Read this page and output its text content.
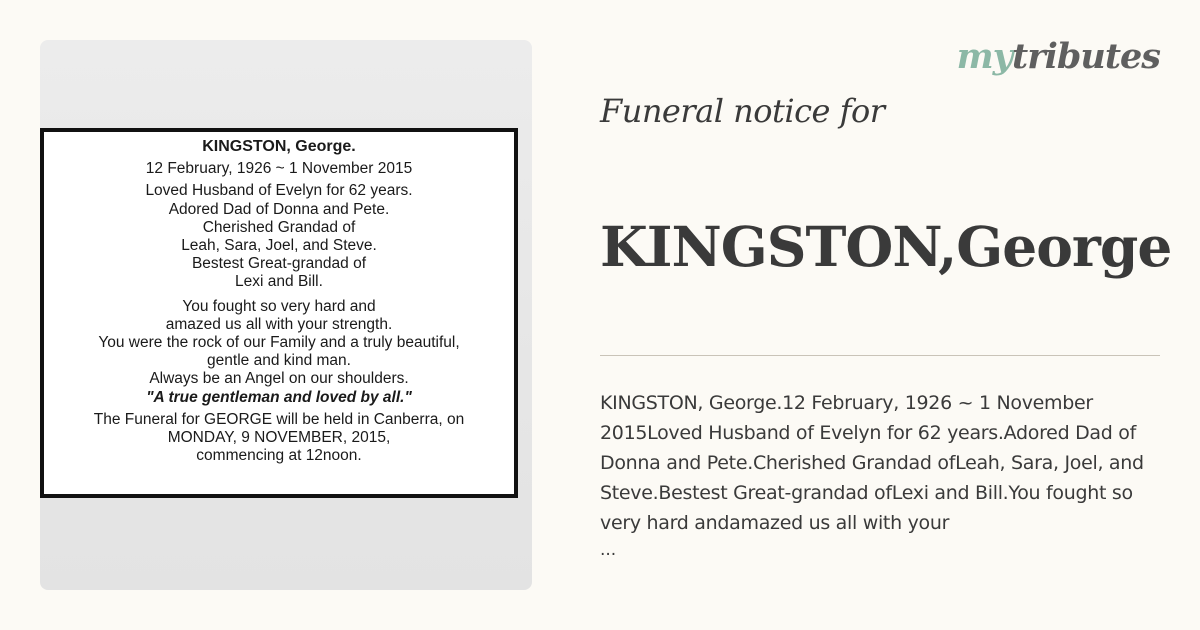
KINGSTON, George.
12 February, 1926 ~ 1 November 2015
Loved Husband of Evelyn for 62 years.
Adored Dad of Donna and Pete.
Cherished Grandad of
Leah, Sara, Joel, and Steve.
Bestest Great-grandad of
Lexi and Bill.
You fought so very hard and
amazed us all with your strength.
You were the rock of our Family and a truly beautiful,
gentle and kind man.
Always be an Angel on our shoulders.
"A true gentleman and loved by all."
The Funeral for GEORGE will be held in Canberra, on
MONDAY, 9 NOVEMBER, 2015,
commencing at 12noon.
mytributes
Funeral notice for
KINGSTON,George
KINGSTON, George.12 February, 1926 ~ 1 November 2015Loved Husband of Evelyn for 62 years.Adored Dad of Donna and Pete.Cherished Grandad ofLeah, Sara, Joel, and Steve.Bestest Great-grandad ofLexi and Bill.You fought so very hard andamazed us all with your
...
